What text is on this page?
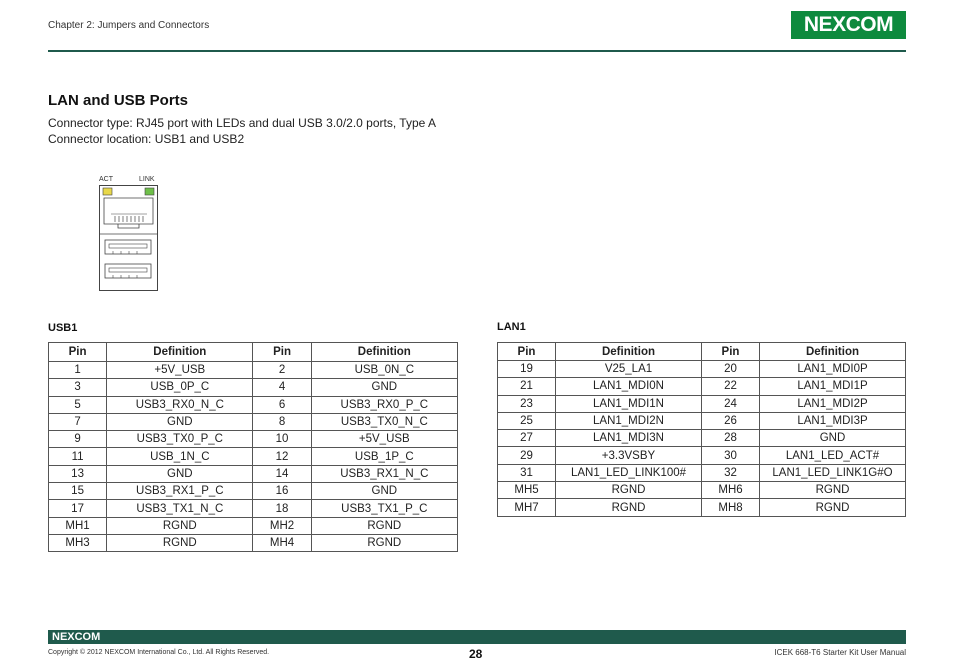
Chapter 2: Jumpers and Connectors	NE X COM
LAN and USB Ports
Connector type: RJ45 port with LEDs and dual USB 3.0/2.0 ports, Type A
Connector location: USB1 and USB2
ACT	LINK
USB1
Pin	Definition	Pin	Definition
1	+5V_USB	2	USB_0N_C
3	USB_0P_C	4	GND
5	USB3_RX0_N_C	6	USB3_RX0_P_C
7	GND	8	USB3_TX0_N_C
9	USB3_TX0_P_C	10	+5V_USB
11	USB_1N_C	12	USB_1P_C
13	GND	14	USB3_RX1_N_C
15	USB3_RX1_P_C	16	GND
17	USB3_TX1_N_C	18	USB3_TX1_P_C
MH1	RGND	MH2	RGND
MH3	RGND	MH4	RGND
LAN1
Pin	Definition	Pin	Definition
19	V25_LA1	20	LAN1_MDI0P
21	LAN1_MDI0N	22	LAN1_MDI1P
23	LAN1_MDI1N	24	LAN1_MDI2P
25	LAN1_MDI2N	26	LAN1_MDI3P
27	LAN1_MDI3N	28	GND
29	+3.3VSBY	30	LAN1_LED_ACT#
31	LAN1_LED_LINK100#	32	LAN1_LED_LINK1G#O
MH5	RGND	MH6	RGND
MH7	RGND	MH8	RGND
NEXCOM
Copyright © 2012 NEXCOM International Co., Ltd. All Rights Reserved.	28	ICEK 668-T6 Starter Kit User Manual
